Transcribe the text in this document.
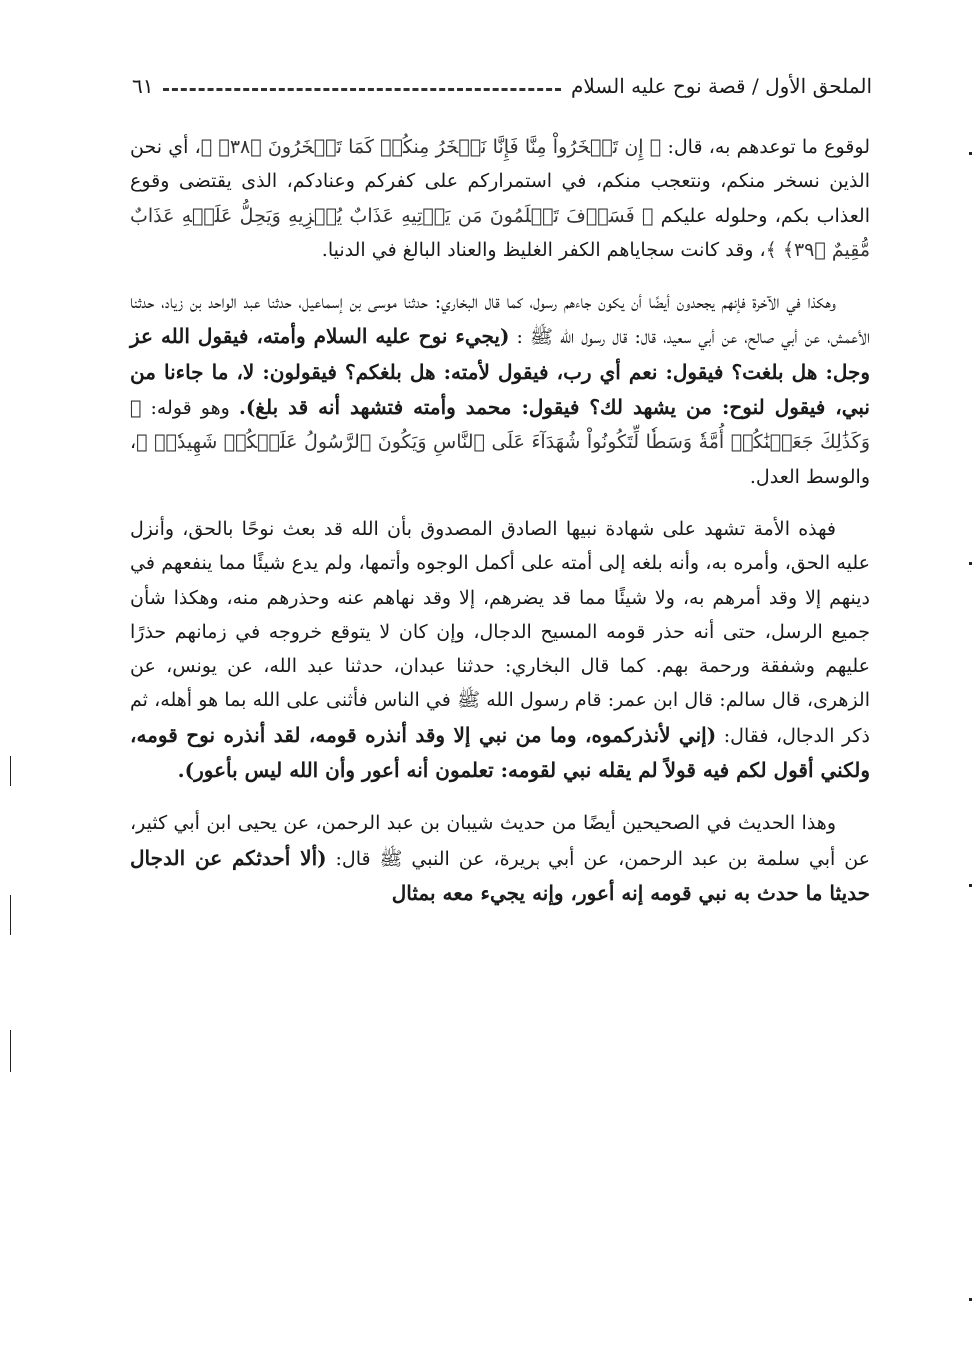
الملحق الأول / قصة نوح عليه السلام
٦١

لوقوع ما توعدهم به، قال: ﴿ إِن تَسۡخَرُواْ مِنَّا فَإِنَّا نَسۡخَرُ مِنكُمۡ كَمَا تَسۡخَرُونَ ﴿٣٨﴾ ﴾، أي نحن الذين نسخر منكم، ونتعجب منكم، في استمراركم على كفركم وعنادكم، الذى يقتضى وقوع العذاب بكم، وحلوله عليكم ﴿ فَسَوۡفَ تَعۡلَمُونَ مَن يَأۡتِيهِ عَذَابٌ يُخۡزِيهِ وَيَحِلُّ عَلَيۡهِ عَذَابٌ مُّقِيمٌ ﴿٣٩﴾ ﴾، وقد كانت سجاياهم الكفر الغليظ والعناد البالغ في الدنيا.

وهكذا في الآخرة فإنهم يجحدون أيضًا أن يكون جاءهم رسول، كما قال البخاري: حدثنا موسى بن إسماعيل، حدثنا عبد الواحد بن زياد، حدثنا الأعمش، عن أبي صالح، عن أبي سعيد، قال: قال رسول الله ﷺ : (يجيء نوح عليه السلام وأمته، فيقول الله عز وجل: هل بلغت؟ فيقول: نعم أي رب، فيقول لأمته: هل بلغكم؟ فيقولون: لا، ما جاءنا من نبي، فيقول لنوح: من يشهد لك؟ فيقول: محمد وأمته فتشهد أنه قد بلغ). وهو قوله: ﴿ وَكَذَٰلِكَ جَعَلۡنَٰكُمۡ أُمَّةٗ وَسَطٗا لِّتَكُونُواْ شُهَدَآءَ عَلَى ٱلنَّاسِ وَيَكُونَ ٱلرَّسُولُ عَلَيۡكُمۡ شَهِيدٗاۗ ﴾، والوسط العدل.

فهذه الأمة تشهد على شهادة نبيها الصادق المصدوق بأن الله قد بعث نوحًا بالحق، وأنزل عليه الحق، وأمره به، وأنه بلغه إلى أمته على أكمل الوجوه وأتمها، ولم يدع شيئًا مما ينفعهم في دينهم إلا وقد أمرهم به، ولا شيئًا مما قد يضرهم، إلا وقد نهاهم عنه وحذرهم منه، وهكذا شأن جميع الرسل، حتى أنه حذر قومه المسيح الدجال، وإن كان لا يتوقع خروجه في زمانهم حذرًا عليهم وشفقة ورحمة بهم. كما قال البخاري: حدثنا عبدان، حدثنا عبد الله، عن يونس، عن الزهرى، قال سالم: قال ابن عمر: قام رسول الله ﷺ في الناس فأثنى على الله بما هو أهله، ثم ذكر الدجال، فقال: (إني لأنذركموه، وما من نبي إلا وقد أنذره قومه، لقد أنذره نوح قومه، ولكني أقول لكم فيه قولاً لم يقله نبي لقومه: تعلمون أنه أعور وأن الله ليس بأعور).

وهذا الحديث في الصحيحين أيضًا من حديث شيبان بن عبد الرحمن، عن يحيى ابن أبي كثير، عن أبي سلمة بن عبد الرحمن، عن أبي ہريرة، عن النبي ﷺ قال: (ألا أحدثكم عن الدجال حديثا ما حدث به نبي قومه إنه أعور، وإنه يجيء معه بمثال
